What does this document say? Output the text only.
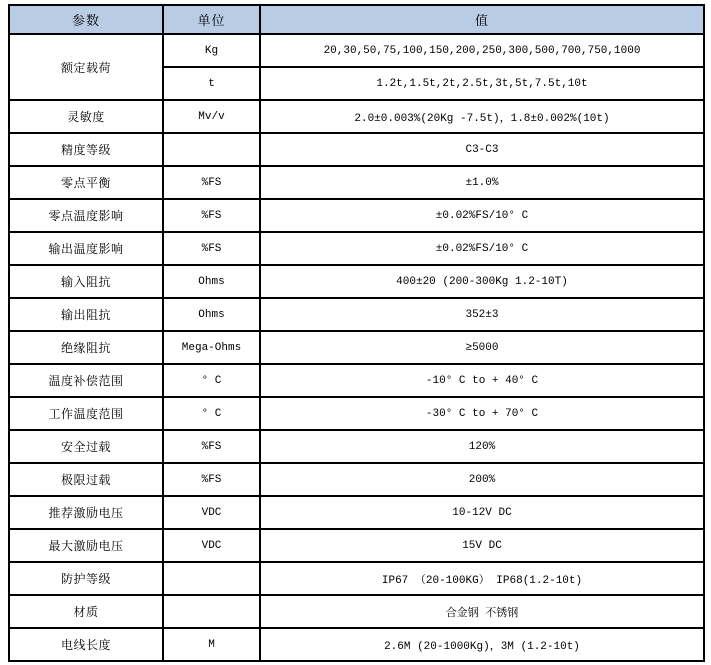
参数	单位	值
额定载荷	Kg	20,30,50,75,100,150,200,250,300,500,700,750,1000
	t	1.2t,1.5t,2t,2.5t,3t,5t,7.5t,10t
灵敏度	Mv/v	2.0±0.003%(20Kg -7.5t)，1.8±0.002%(10t)
精度等级		C3-C3
零点平衡	%FS	±1.0%
零点温度影响	%FS	±0.02%FS/10° C
输出温度影响	%FS	±0.02%FS/10° C
输入阻抗	Ohms	400±20 (200-300Kg 1.2-10T)
输出阻抗	Ohms	352±3
绝缘阻抗	Mega-Ohms	≥5000
温度补偿范围	° C	-10° C to + 40° C
工作温度范围	° C	-30° C to + 70° C
安全过载	%FS	120%
极限过载	%FS	200%
推荐激励电压	VDC	10-12V DC
最大激励电压	VDC	15V DC
防护等级		IP67 （20-100KG） IP68(1.2-10t)
材质		合金钢 不锈钢
电线长度	M	2.6M (20-1000Kg)，3M (1.2-10t)
